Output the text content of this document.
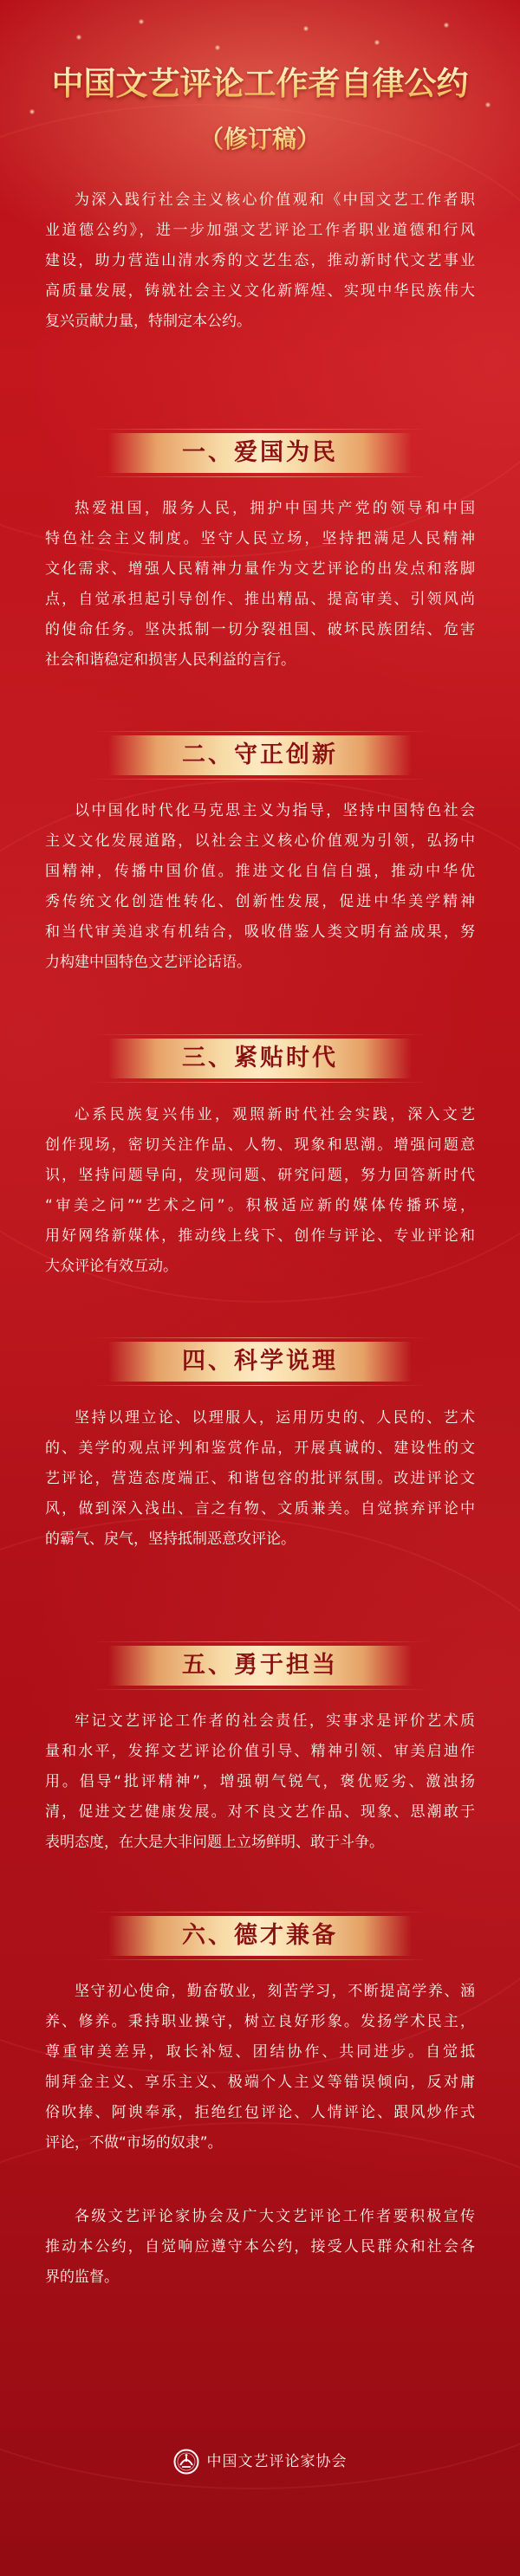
中国文艺评论工作者自律公约
（修订稿）
为深入践行社会主义核心价值观和《中国文艺工作者职
业道德公约》，进一步加强文艺评论工作者职业道德和行风
建设，助力营造山清水秀的文艺生态，推动新时代文艺事业
高质量发展，铸就社会主义文化新辉煌、实现中华民族伟大
复兴贡献力量，特制定本公约。
一、爱国为民
热爱祖国，服务人民，拥护中国共产党的领导和中国
特色社会主义制度。坚守人民立场，坚持把满足人民精神
文化需求、增强人民精神力量作为文艺评论的出发点和落脚
点，自觉承担起引导创作、推出精品、提高审美、引领风尚
的使命任务。坚决抵制一切分裂祖国、破坏民族团结、危害
社会和谐稳定和损害人民利益的言行。
二、守正创新
以中国化时代化马克思主义为指导，坚持中国特色社会
主义文化发展道路，以社会主义核心价值观为引领，弘扬中
国精神，传播中国价值。推进文化自信自强，推动中华优
秀传统文化创造性转化、创新性发展，促进中华美学精神
和当代审美追求有机结合，吸收借鉴人类文明有益成果，努
力构建中国特色文艺评论话语。
三、紧贴时代
心系民族复兴伟业，观照新时代社会实践，深入文艺
创作现场，密切关注作品、人物、现象和思潮。增强问题意
识，坚持问题导向，发现问题、研究问题，努力回答新时代
“审美之问”“艺术之问”。积极适应新的媒体传播环境，
用好网络新媒体，推动线上线下、创作与评论、专业评论和
大众评论有效互动。
四、科学说理
坚持以理立论、以理服人，运用历史的、人民的、艺术
的、美学的观点评判和鉴赏作品，开展真诚的、建设性的文
艺评论，营造态度端正、和谐包容的批评氛围。改进评论文
风，做到深入浅出、言之有物、文质兼美。自觉摈弃评论中
的霸气、戾气，坚持抵制恶意攻评论。
五、勇于担当
牢记文艺评论工作者的社会责任，实事求是评价艺术质
量和水平，发挥文艺评论价值引导、精神引领、审美启迪作
用。倡导“批评精神”，增强朝气锐气，褒优贬劣、激浊扬
清，促进文艺健康发展。对不良文艺作品、现象、思潮敢于
表明态度，在大是大非问题上立场鲜明、敢于斗争。
六、德才兼备
坚守初心使命，勤奋敬业，刻苦学习，不断提高学养、涵
养、修养。秉持职业操守，树立良好形象。发扬学术民主，
尊重审美差异，取长补短、团结协作、共同进步。自觉抵
制拜金主义、享乐主义、极端个人主义等错误倾向，反对庸
俗吹捧、阿谀奉承，拒绝红包评论、人情评论、跟风炒作式
评论，不做“市场的奴隶”。
各级文艺评论家协会及广大文艺评论工作者要积极宣传
推动本公约，自觉响应遵守本公约，接受人民群众和社会各
界的监督。
中国文艺评论家协会
